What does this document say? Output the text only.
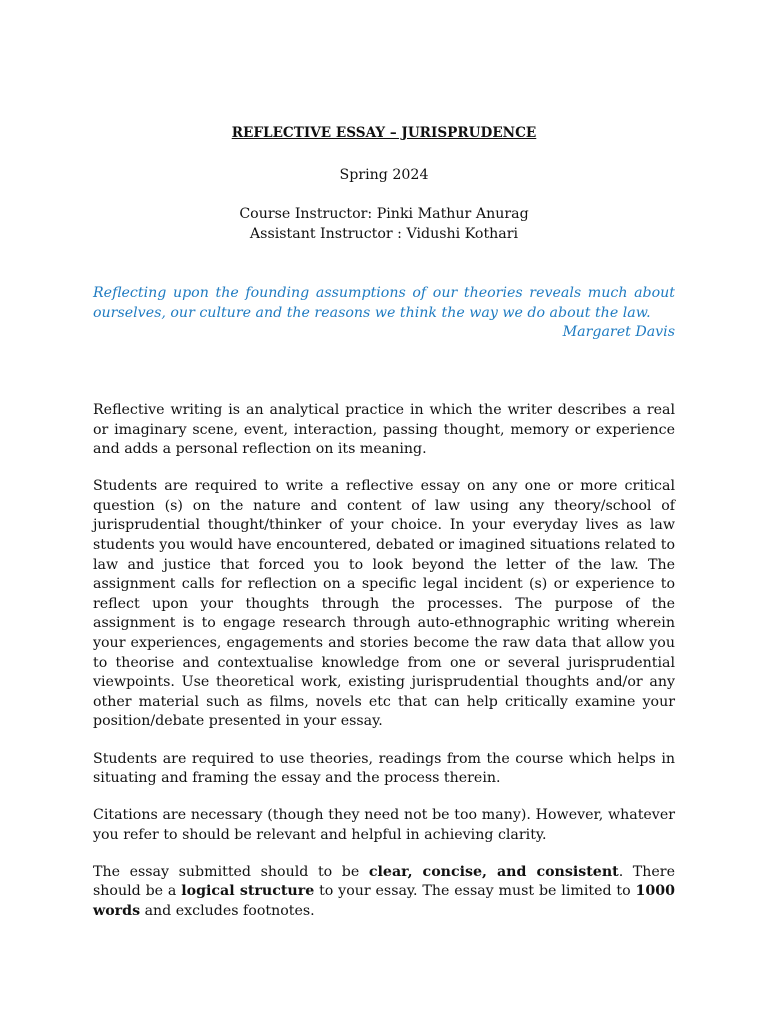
REFLECTIVE ESSAY – JURISPRUDENCE

Spring 2024

Course Instructor: Pinki Mathur Anurag

Assistant Instructor : Vidushi Kothari

Reflecting upon the founding assumptions of our theories reveals much about ourselves, our culture and the reasons we think the way we do about the law.

Margaret Davis

Reflective writing is an analytical practice in which the writer describes a real or imaginary scene, event, interaction, passing thought, memory or experience and adds a personal reflection on its meaning.

Students are required to write a reflective essay on any one or more critical question (s) on the nature and content of law using any theory/school of jurisprudential thought/thinker of your choice. In your everyday lives as law students you would have encountered, debated or imagined situations related to law and justice that forced you to look beyond the letter of the law. The assignment calls for reflection on a specific legal incident (s) or experience to reflect upon your thoughts through the processes. The purpose of the assignment is to engage research through auto-ethnographic writing wherein your experiences, engagements and stories become the raw data that allow you to theorise and contextualise knowledge from one or several jurisprudential viewpoints. Use theoretical work, existing jurisprudential thoughts and/or any other material such as films, novels etc that can help critically examine your position/debate presented in your essay.

Students are required to use theories, readings from the course which helps in situating and framing the essay and the process therein.

Citations are necessary (though they need not be too many). However, whatever you refer to should be relevant and helpful in achieving clarity.

The essay submitted should to be clear, concise, and consistent. There should be a logical structure to your essay. The essay must be limited to 1000 words and excludes footnotes.
